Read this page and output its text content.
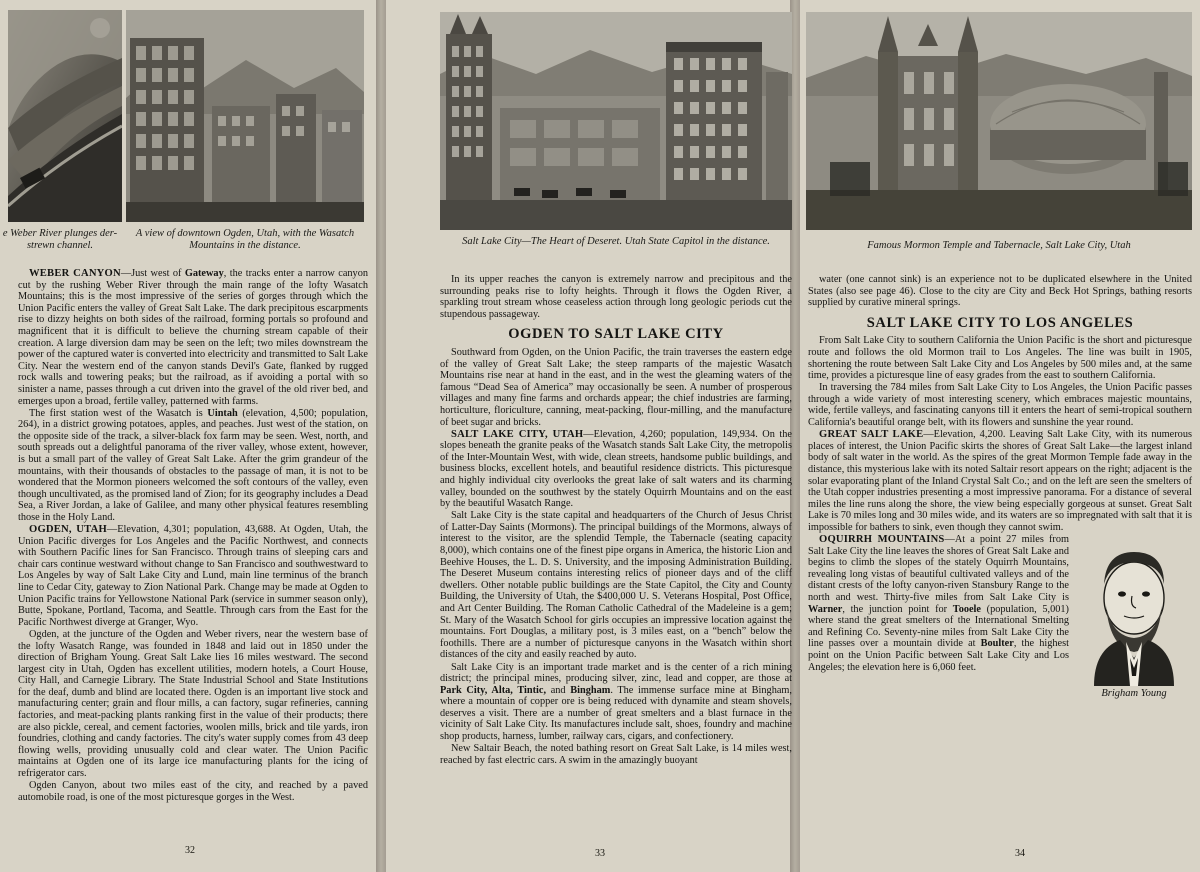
e Weber River plunges der-strewn channel.
A view of downtown Ogden, Utah, with the Wasatch Mountains in the distance.	Salt Lake City—The Heart of Deseret. Utah State Capitol in the distance.	Famous Mormon Temple and Tabernacle, Salt Lake City, Utah

WEBER CANYON—Just west of Gateway, the tracks enter a narrow canyon cut by the rushing Weber River through the main range of the lofty Wasatch Mountains; this is the most impressive of the series of gorges through which the Union Pacific enters the valley of Great Salt Lake. The dark precipitous escarpments rise to dizzy heights on both sides of the railroad, forming portals so profound and magnificent that it is difficult to believe the churning stream capable of their creation. A large diversion dam may be seen on the left; two miles downstream the power of the captured water is converted into electricity and transmitted to Salt Lake City. Near the western end of the canyon stands Devil's Gate, flanked by rugged rock walls and towering peaks; but the railroad, as if avoiding a portal with so sinister a name, passes through a cut driven into the gravel of the old river bed, and emerges upon a broad, fertile valley, patterned with farms.

The first station west of the Wasatch is Uintah (elevation, 4,500; population, 264), in a district growing potatoes, apples, and peaches. Just west of the station, on the opposite side of the track, a silver-black fox farm may be seen. West, north, and south spreads out a delightful panorama of the river valley, whose extent, however, is but a small part of the valley of Great Salt Lake. After the grim grandeur of the mountains, with their thousands of obstacles to the passage of man, it is not to be wondered that the Mormon pioneers welcomed the soft contours of the valley, even though uncultivated, as the promised land of Zion; for its geography includes a Dead Sea, a River Jordan, a lake of Galilee, and many other physical features resembling those in the Holy Land.

OGDEN, UTAH—Elevation, 4,301; population, 43,688. At Ogden, Utah, the Union Pacific diverges for Los Angeles and the Pacific Northwest, and connects with Southern Pacific lines for San Francisco. Through trains of sleeping cars and chair cars continue westward without change to San Francisco and southwestward to Los Angeles by way of Salt Lake City and Lund, main line terminus of the branch line to Cedar City, gateway to Zion National Park. Change may be made at Ogden to Union Pacific trains for Yellowstone National Park (service in summer season only), Butte, Spokane, Portland, Tacoma, and Seattle. Through cars from the East for the Pacific Northwest diverge at Granger, Wyo.

Ogden, at the juncture of the Ogden and Weber rivers, near the western base of the lofty Wasatch Range, was founded in 1848 and laid out in 1850 under the direction of Brigham Young. Great Salt Lake lies 16 miles westward. The second largest city in Utah, Ogden has excellent utilities, modern hotels, a Court House, City Hall, and Carnegie Library. The State Industrial School and State Institutions for the deaf, dumb and blind are located there. Ogden is an important live stock and manufacturing center; grain and flour mills, a can factory, sugar refineries, canning factories, and meat-packing plants ranking first in the value of their products; there are also pickle, cereal, and cement factories, woolen mills, brick and tile yards, iron foundries, clothing and candy factories. The city's water supply comes from 43 deep flowing wells, providing unusually cold and clear water. The Union Pacific maintains at Ogden one of its large ice manufacturing plants for the icing of refrigerator cars.

Ogden Canyon, about two miles east of the city, and reached by a paved automobile road, is one of the most picturesque gorges in the West.

32

In its upper reaches the canyon is extremely narrow and precipitous and the surrounding peaks rise to lofty heights. Through it flows the Ogden River, a sparkling trout stream whose ceaseless action through long geologic periods cut the stupendous passageway.

OGDEN TO SALT LAKE CITY

Southward from Ogden, on the Union Pacific, the train traverses the eastern edge of the valley of Great Salt Lake; the steep ramparts of the majestic Wasatch Mountains rise near at hand in the east, and in the west the gleaming waters of the famous “Dead Sea of America” may occasionally be seen. A number of prosperous villages and many fine farms and orchards appear; the chief industries are farming, horticulture, floriculture, canning, meat-packing, flour-milling, and the manufacture of beet sugar and bricks.

SALT LAKE CITY, UTAH—Elevation, 4,260; population, 149,934. On the slopes beneath the granite peaks of the Wasatch stands Salt Lake City, the metropolis of the Inter-Mountain West, with wide, clean streets, handsome public buildings, and business blocks, excellent hotels, and beautiful residence districts. This picturesque and highly individual city overlooks the great lake of salt waters and its charming valley, bounded on the southwest by the stately Oquirrh Mountains and on the east by the beautiful Wasatch Range.

Salt Lake City is the state capital and headquarters of the Church of Jesus Christ of Latter-Day Saints (Mormons). The principal buildings of the Mormons, always of interest to the visitor, are the splendid Temple, the Tabernacle (seating capacity 8,000), which contains one of the finest pipe organs in America, the historic Lion and Beehive Houses, the L. D. S. University, and the imposing Administration Building. The Deseret Museum contains interesting relics of pioneer days and of the cliff dwellers. Other notable public buildings are the State Capitol, the City and County Building, the University of Utah, the $400,000 U. S. Veterans Hospital, Post Office, and Art Center Building. The Roman Catholic Cathedral of the Madeleine is a gem; St. Mary of the Wasatch School for girls occupies an impressive location against the mountains. Fort Douglas, a military post, is 3 miles east, on a “bench” below the foothills. There are a number of picturesque canyons in the Wasatch within short distances of the city and easily reached by auto.

Salt Lake City is an important trade market and is the center of a rich mining district; the principal mines, producing silver, zinc, lead and copper, are those at Park City, Alta, Tintic, and Bingham. The immense surface mine at Bingham, where a mountain of copper ore is being reduced with dynamite and steam shovels, deserves a visit. There are a number of great smelters and a blast furnace in the vicinity of Salt Lake City. Its manufactures include salt, shoes, foundry and machine shop products, harness, lumber, railway cars, cigars, and confectionery.

New Saltair Beach, the noted bathing resort on Great Salt Lake, is 14 miles west, reached by fast electric cars. A swim in the amazingly buoyant

33

water (one cannot sink) is an experience not to be duplicated elsewhere in the United States (also see page 46). Close to the city are City and Beck Hot Springs, bathing resorts supplied by curative mineral springs.

SALT LAKE CITY TO LOS ANGELES

From Salt Lake City to southern California the Union Pacific is the short and picturesque route and follows the old Mormon trail to Los Angeles. The line was built in 1905, shortening the route between Salt Lake City and Los Angeles by 500 miles and, at the same time, provides a picturesque line of easy grades from the east to southern California.

In traversing the 784 miles from Salt Lake City to Los Angeles, the Union Pacific passes through a wide variety of most interesting scenery, which embraces majestic mountains, wide, fertile valleys, and fascinating canyons till it enters the heart of semi-tropical southern California's beautiful orange belt, with its flowers and sunshine the year round.

GREAT SALT LAKE—Elevation, 4,200. Leaving Salt Lake City, with its numerous places of interest, the Union Pacific skirts the shores of Great Salt Lake—the largest inland body of salt water in the world. As the spires of the great Mormon Temple fade away in the distance, this mysterious lake with its noted Saltair resort appears on the right; adjacent is the solar evaporating plant of the Inland Crystal Salt Co.; and on the left are seen the smelters of the Utah copper industries presenting a most impressive panorama. For a distance of several miles the line runs along the shore, the view being especially gorgeous at sunset. Great Salt Lake is 70 miles long and 30 miles wide, and its waters are so impregnated with salt that it is impossible for bathers to sink, even though they cannot swim.

Brigham Young

OQUIRRH MOUNTAINS—At a point 27 miles from Salt Lake City the line leaves the shores of Great Salt Lake and begins to climb the slopes of the stately Oquirrh Mountains, revealing long vistas of beautiful cultivated valleys and of the distant crests of the lofty canyon-riven Stansbury Range to the north and west. Thirty-five miles from Salt Lake City is Warner, the junction point for Tooele (population, 5,001) where stand the great smelters of the International Smelting and Refining Co. Seventy-nine miles from Salt Lake City the line passes over a mountain divide at Boulter, the highest point on the Union Pacific between Salt Lake City and Los Angeles; the elevation here is 6,060 feet.

34
